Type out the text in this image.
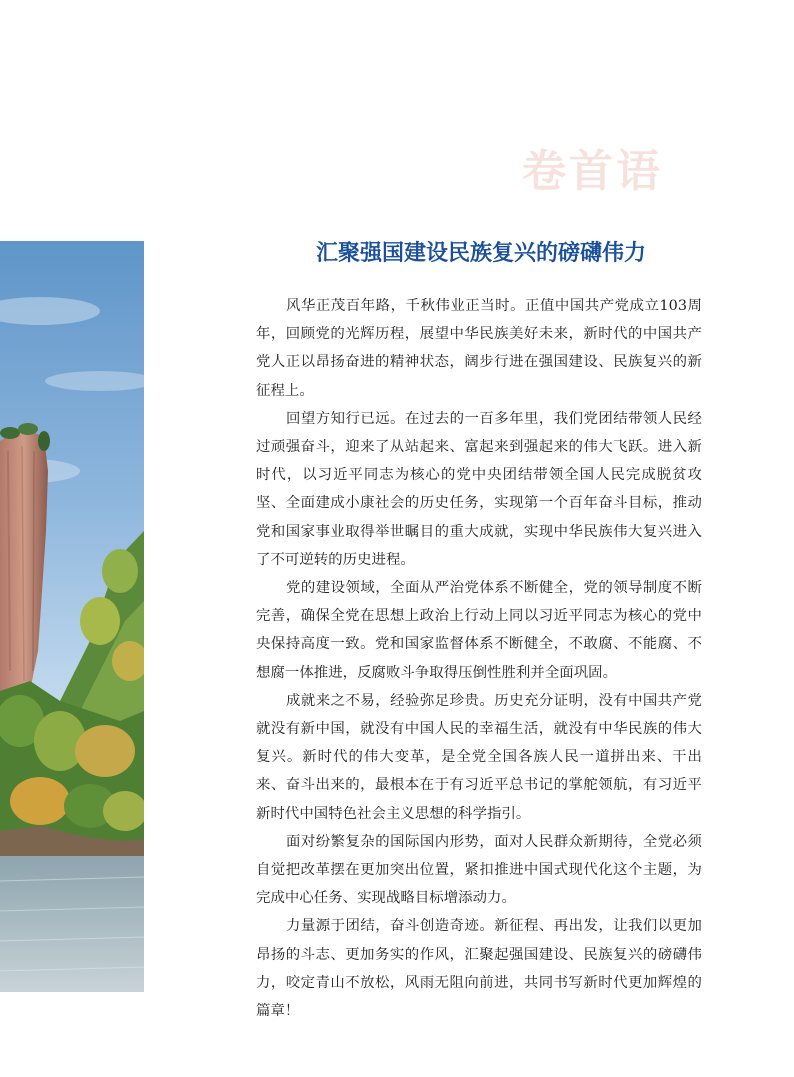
卷首语
汇聚强国建设民族复兴的磅礴伟力

风华正茂百年路，千秋伟业正当时。正值中国共产党成立103周年，回顾党的光辉历程，展望中华民族美好未来，新时代的中国共产党人正以昂扬奋进的精神状态，阔步行进在强国建设、民族复兴的新征程上。

回望方知行已远。在过去的一百多年里，我们党团结带领人民经过顽强奋斗，迎来了从站起来、富起来到强起来的伟大飞跃。进入新时代，以习近平同志为核心的党中央团结带领全国人民完成脱贫攻坚、全面建成小康社会的历史任务，实现第一个百年奋斗目标，推动党和国家事业取得举世瞩目的重大成就，实现中华民族伟大复兴进入了不可逆转的历史进程。

党的建设领域，全面从严治党体系不断健全，党的领导制度不断完善，确保全党在思想上政治上行动上同以习近平同志为核心的党中央保持高度一致。党和国家监督体系不断健全，不敢腐、不能腐、不想腐一体推进，反腐败斗争取得压倒性胜利并全面巩固。

成就来之不易，经验弥足珍贵。历史充分证明，没有中国共产党就没有新中国，就没有中国人民的幸福生活，就没有中华民族的伟大复兴。新时代的伟大变革，是全党全国各族人民一道拼出来、干出来、奋斗出来的，最根本在于有习近平总书记的掌舵领航，有习近平新时代中国特色社会主义思想的科学指引。

面对纷繁复杂的国际国内形势，面对人民群众新期待，全党必须自觉把改革摆在更加突出位置，紧扣推进中国式现代化这个主题，为完成中心任务、实现战略目标增添动力。

力量源于团结，奋斗创造奇迹。新征程、再出发，让我们以更加昂扬的斗志、更加务实的作风，汇聚起强国建设、民族复兴的磅礴伟力，咬定青山不放松，风雨无阻向前进，共同书写新时代更加辉煌的篇章！
